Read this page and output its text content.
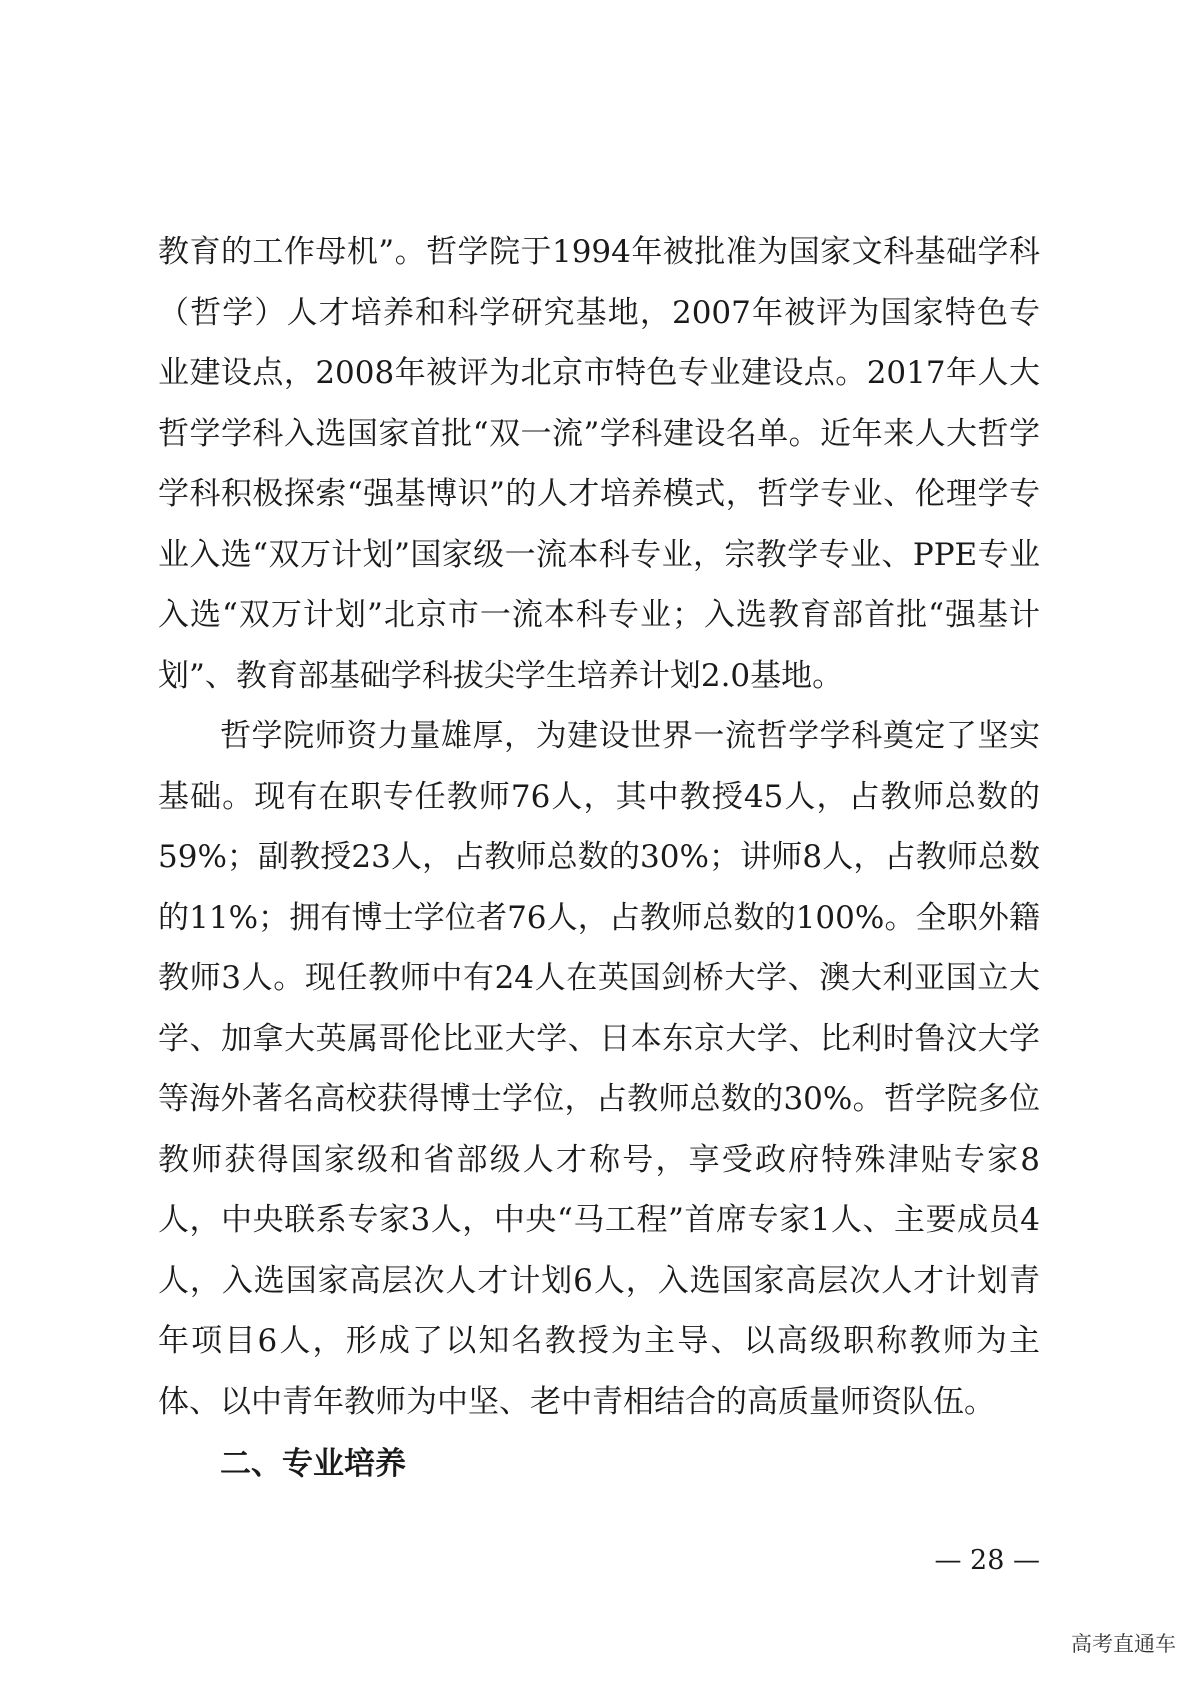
教育的工作母机”。哲学院于1994年被批准为国家文科基础学科（哲学）人才培养和科学研究基地，2007年被评为国家特色专业建设点，2008年被评为北京市特色专业建设点。2017年人大哲学学科入选国家首批“双一流”学科建设名单。近年来人大哲学学科积极探索“强基博识”的人才培养模式，哲学专业、伦理学专业入选“双万计划”国家级一流本科专业，宗教学专业、PPE专业入选“双万计划”北京市一流本科专业；入选教育部首批“强基计划”、教育部基础学科拔尖学生培养计划2.0基地。

哲学院师资力量雄厚，为建设世界一流哲学学科奠定了坚实基础。现有在职专任教师76人，其中教授45人，占教师总数的59%；副教授23人，占教师总数的30%；讲师8人，占教师总数的11%；拥有博士学位者76人，占教师总数的100%。全职外籍教师3人。现任教师中有24人在英国剑桥大学、澳大利亚国立大学、加拿大英属哥伦比亚大学、日本东京大学、比利时鲁汶大学等海外著名高校获得博士学位，占教师总数的30%。哲学院多位教师获得国家级和省部级人才称号，享受政府特殊津贴专家8人，中央联系专家3人，中央“马工程”首席专家1人、主要成员4人，入选国家高层次人才计划6人，入选国家高层次人才计划青年项目6人，形成了以知名教授为主导、以高级职称教师为主体、以中青年教师为中坚、老中青相结合的高质量师资队伍。

二、专业培养
— 28 —
高考直通车
